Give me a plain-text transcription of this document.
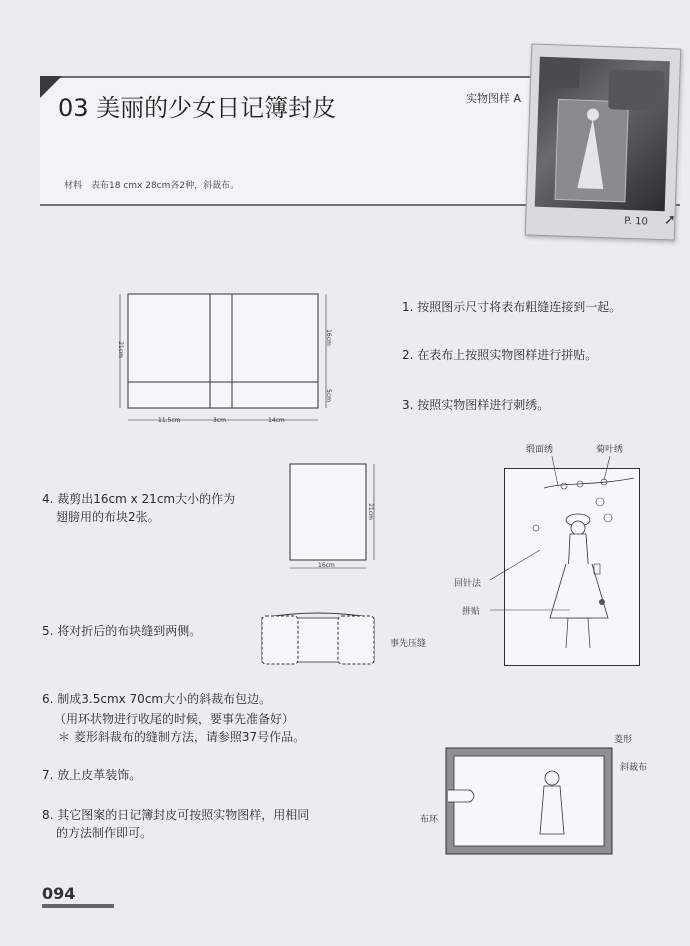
03 美丽的少女日记簿封皮	实物图样 A
材料　表布18 cmx 28cm各2种，斜裁布。
P. 10 ➚
21cm
16cm
5cm
11.5cm	3cm	14cm
1. 按照图示尺寸将表布粗缝连接到一起。
2. 在表布上按照实物图样进行拼贴。
3. 按照实物图样进行刺绣。
缎面绣	菊叶绣
回针法
拼贴
4. 裁剪出16cm x 21cm大小的作为
翅膀用的布块2张。	21cm
16cm
5. 将对折后的布块缝到两侧。
事先压缝
6. 制成3.5cmx 70cm大小的斜裁布包边。
（用环状物进行收尾的时候，要事先准备好）
＊ 菱形斜裁布的缝制方法，请参照37号作品。
7. 放上皮革装饰。
8. 其它图案的日记簿封皮可按照实物图样，用相同
的方法制作即可。
菱形
斜裁布
布环
094
